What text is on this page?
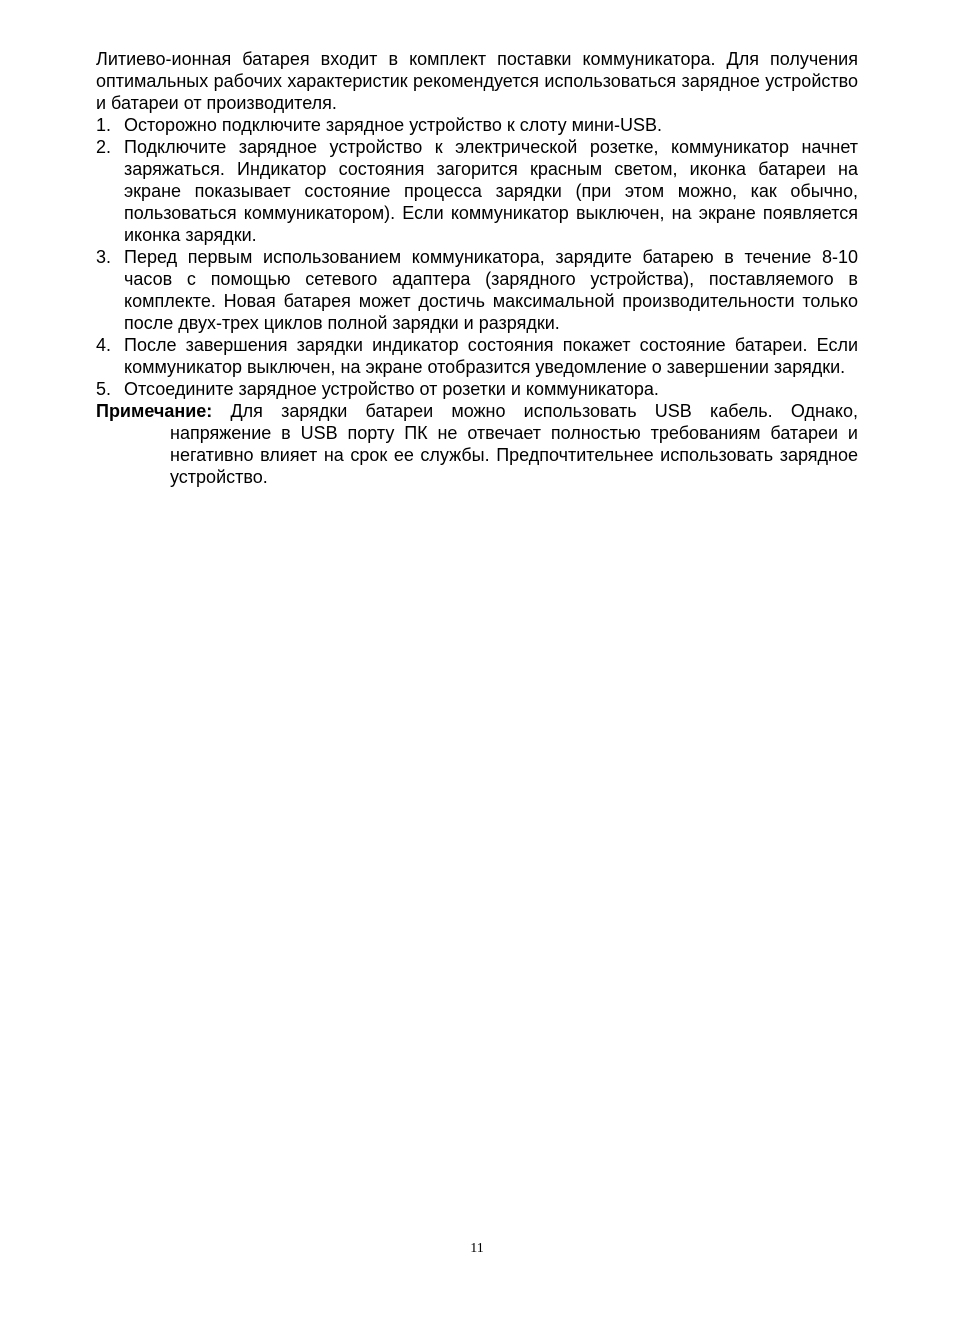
Литиево-ионная батарея входит в комплект поставки коммуникатора. Для получения оптимальных рабочих характеристик рекомендуется использоваться зарядное устройство и батареи от производителя.

1. Осторожно подключите зарядное устройство к слоту мини-USB.
2. Подключите зарядное устройство к электрической розетке, коммуникатор начнет заряжаться. Индикатор состояния загорится красным светом, иконка батареи на экране показывает состояние процесса зарядки (при этом можно, как обычно, пользоваться коммуникатором). Если коммуникатор выключен, на экране появляется иконка зарядки.
3. Перед первым использованием коммуникатора, зарядите батарею в течение 8-10 часов с помощью сетевого адаптера (зарядного устройства), поставляемого в комплекте. Новая батарея может достичь максимальной производительности только после двух-трех циклов полной зарядки и разрядки.
4. После завершения зарядки индикатор состояния покажет состояние батареи. Если коммуникатор выключен, на экране отобразится уведомление о завершении зарядки.
5. Отсоедините зарядное устройство от розетки и коммуникатора.

Примечание: Для зарядки батареи можно использовать USB кабель. Однако, напряжение в USB порту ПК не отвечает полностью требованиям батареи и негативно влияет на срок ее службы. Предпочтительнее использовать зарядное устройство.

11
